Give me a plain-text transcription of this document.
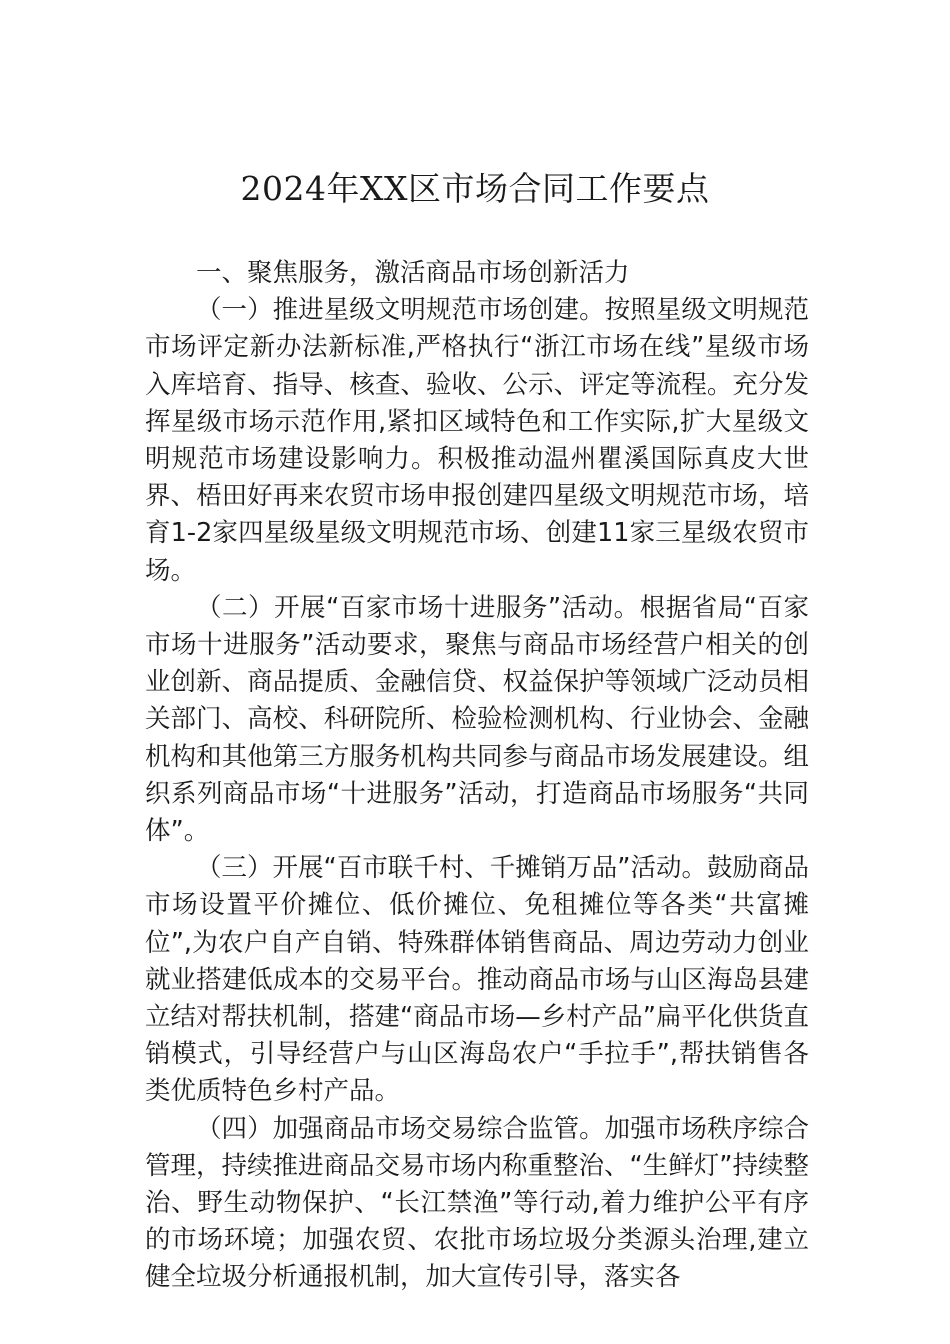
2024年XX区市场合同工作要点

一、聚焦服务，激活商品市场创新活力

（一）推进星级文明规范市场创建。按照星级文明规范市场评定新办法新标准,严格执行“浙江市场在线”星级市场入库培育、指导、核查、验收、公示、评定等流程。充分发挥星级市场示范作用,紧扣区域特色和工作实际,扩大星级文明规范市场建设影响力。积极推动温州瞿溪国际真皮大世界、梧田好再来农贸市场申报创建四星级文明规范市场，培育1-2家四星级星级文明规范市场、创建11家三星级农贸市场。

（二）开展“百家市场十进服务”活动。根据省局“百家市场十进服务”活动要求，聚焦与商品市场经营户相关的创业创新、商品提质、金融信贷、权益保护等领域广泛动员相关部门、高校、科研院所、检验检测机构、行业协会、金融机构和其他第三方服务机构共同参与商品市场发展建设。组织系列商品市场“十进服务”活动，打造商品市场服务“共同体”。

（三）开展“百市联千村、千摊销万品”活动。鼓励商品市场设置平价摊位、低价摊位、免租摊位等各类“共富摊位”,为农户自产自销、特殊群体销售商品、周边劳动力创业就业搭建低成本的交易平台。推动商品市场与山区海岛县建立结对帮扶机制，搭建“商品市场—乡村产品”扁平化供货直销模式，引导经营户与山区海岛农户“手拉手”,帮扶销售各类优质特色乡村产品。

（四）加强商品市场交易综合监管。加强市场秩序综合管理，持续推进商品交易市场内称重整治、“生鲜灯”持续整治、野生动物保护、“长江禁渔”等行动,着力维护公平有序的市场环境；加强农贸、农批市场垃圾分类源头治理,建立健全垃圾分析通报机制，加大宣传引导，落实各
